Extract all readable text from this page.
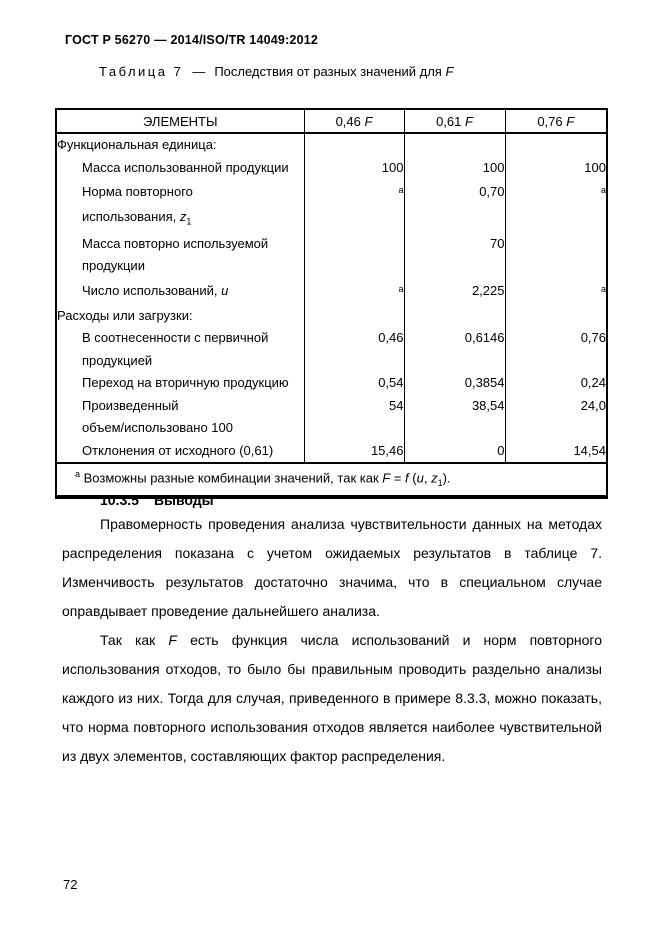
ГОСТ Р 56270 — 2014/ISO/TR 14049:2012
Таблица 7 — Последствия от разных значений для F
ЭЛЕМЕНТЫ	0,46 F	0,61 F	0,76 F
Функциональная единица:			
Масса использованной продукции	100	100	100
Норма повторного	$^a$	0,70	$^a$
использования, $z_1$			
Масса повторно используемой		70	
продукции			
Число использований, u	$^a$	2,225	$^a$
Расходы или загрузки:			
В соотнесенности с первичной	0,46	0,6146	0,76
продукцией			
Переход на вторичную продукцию	0,54	0,3854	0,24
Произведенный	54	38,54	24,0
объем/использовано 100			
Отклонения от исходного (0,61)	15,46	0	14,54
$^a$ Возможны разные комбинации значений, так как F = f (u, $z_1$).			
10.3.5 Выводы

Правомерность проведения анализа чувствительности данных на методах распределения показана с учетом ожидаемых результатов в таблице 7. Изменчивость результатов достаточно значима, что в специальном случае оправдывает проведение дальнейшего анализа.

Так как F есть функция числа использований и норм повторного использования отходов, то было бы правильным проводить раздельно анализы каждого из них. Тогда для случая, приведенного в примере 8.3.3, можно показать, что норма повторного использования отходов является наиболее чувствительной из двух элементов, составляющих фактор распределения.

72
